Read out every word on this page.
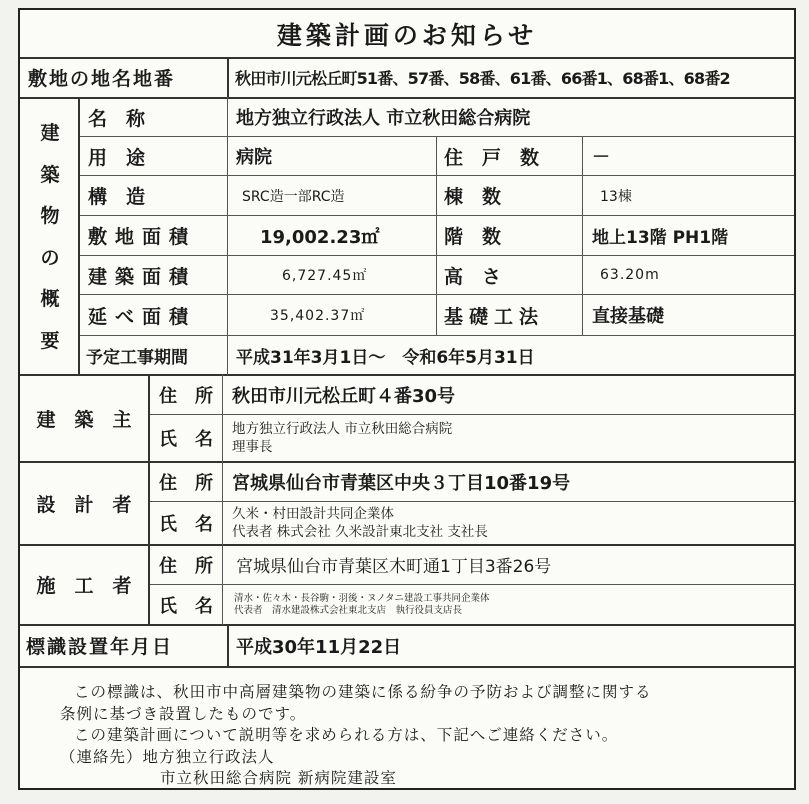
建築計画のお知らせ
敷地の地名地番	秋田市川元松丘町51番、57番、58番、61番、66番1、68番1、68番2
建
築
物
の
概
要
名　称	地方独立行政法人 市立秋田総合病院
用　途	病院	住　戸　数	－
構　造	SRC造一部RC造	棟　数	13棟
敷地面積	19,002.23㎡	階　数	地上13階 PH1階
建築面積	6,727.45㎡	高　さ	63.20m
延べ面積	35,402.37㎡	基礎工法	直接基礎
予定工事期間	平成31年3月1日～　令和6年5月31日
建　築　主
住　所	秋田市川元松丘町４番30号
氏　名	地方独立行政法人 市立秋田総合病院
理事長
設　計　者
住　所	宮城県仙台市青葉区中央３丁目10番19号
氏　名	久米・村田設計共同企業体
代表者 株式会社 久米設計東北支社 支社長
施　工　者
住　所	宮城県仙台市青葉区木町通1丁目3番26号
氏　名	清水・佐々木・長谷駒・羽後・ヌノタニ建設工事共同企業体
代表者　清水建設株式会社東北支店　執行役員支店長
標識設置年月日	平成30年11月22日
この標識は、秋田市中高層建築物の建築に係る紛争の予防および調整に関する
条例に基づき設置したものです。
この建築計画について説明等を求められる方は、下記へご連絡ください。
（連絡先）地方独立行政法人
市立秋田総合病院 新病院建設室
